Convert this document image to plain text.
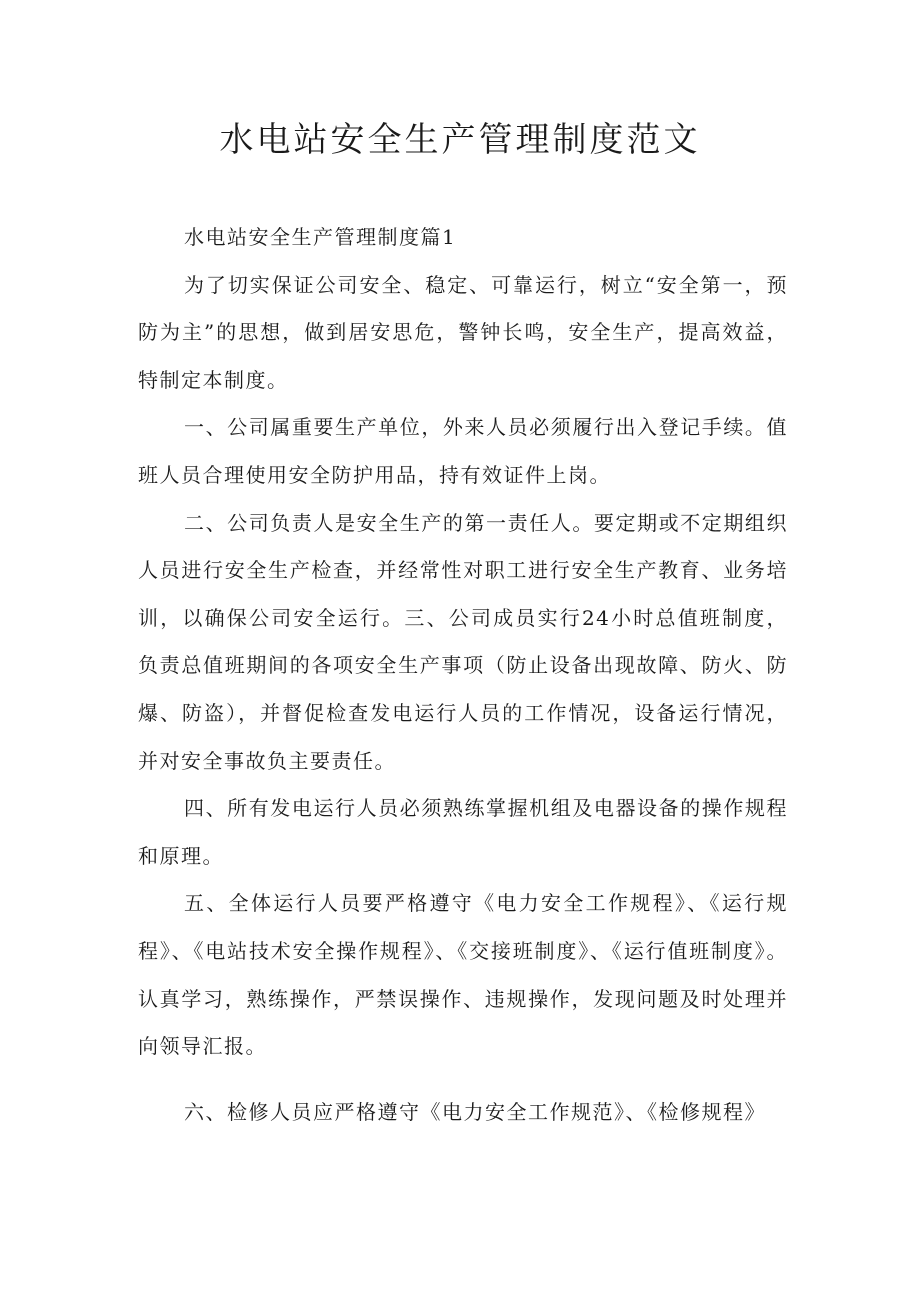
水电站安全生产管理制度范文

水电站安全生产管理制度篇1

为了切实保证公司安全、稳定、可靠运行，树立“安全第一，预防为主”的思想，做到居安思危，警钟长鸣，安全生产，提高效益，特制定本制度。

一、公司属重要生产单位，外来人员必须履行出入登记手续。值班人员合理使用安全防护用品，持有效证件上岗。

二、公司负责人是安全生产的第一责任人。要定期或不定期组织人员进行安全生产检查，并经常性对职工进行安全生产教育、业务培训，以确保公司安全运行。三、公司成员实行24小时总值班制度，负责总值班期间的各项安全生产事项（防止设备出现故障、防火、防爆、防盗），并督促检查发电运行人员的工作情况，设备运行情况，并对安全事故负主要责任。

四、所有发电运行人员必须熟练掌握机组及电器设备的操作规程和原理。

五、全体运行人员要严格遵守《电力安全工作规程》、《运行规程》、《电站技术安全操作规程》、《交接班制度》、《运行值班制度》。认真学习，熟练操作，严禁误操作、违规操作，发现问题及时处理并向领导汇报。

六、检修人员应严格遵守《电力安全工作规范》、《检修规程》
